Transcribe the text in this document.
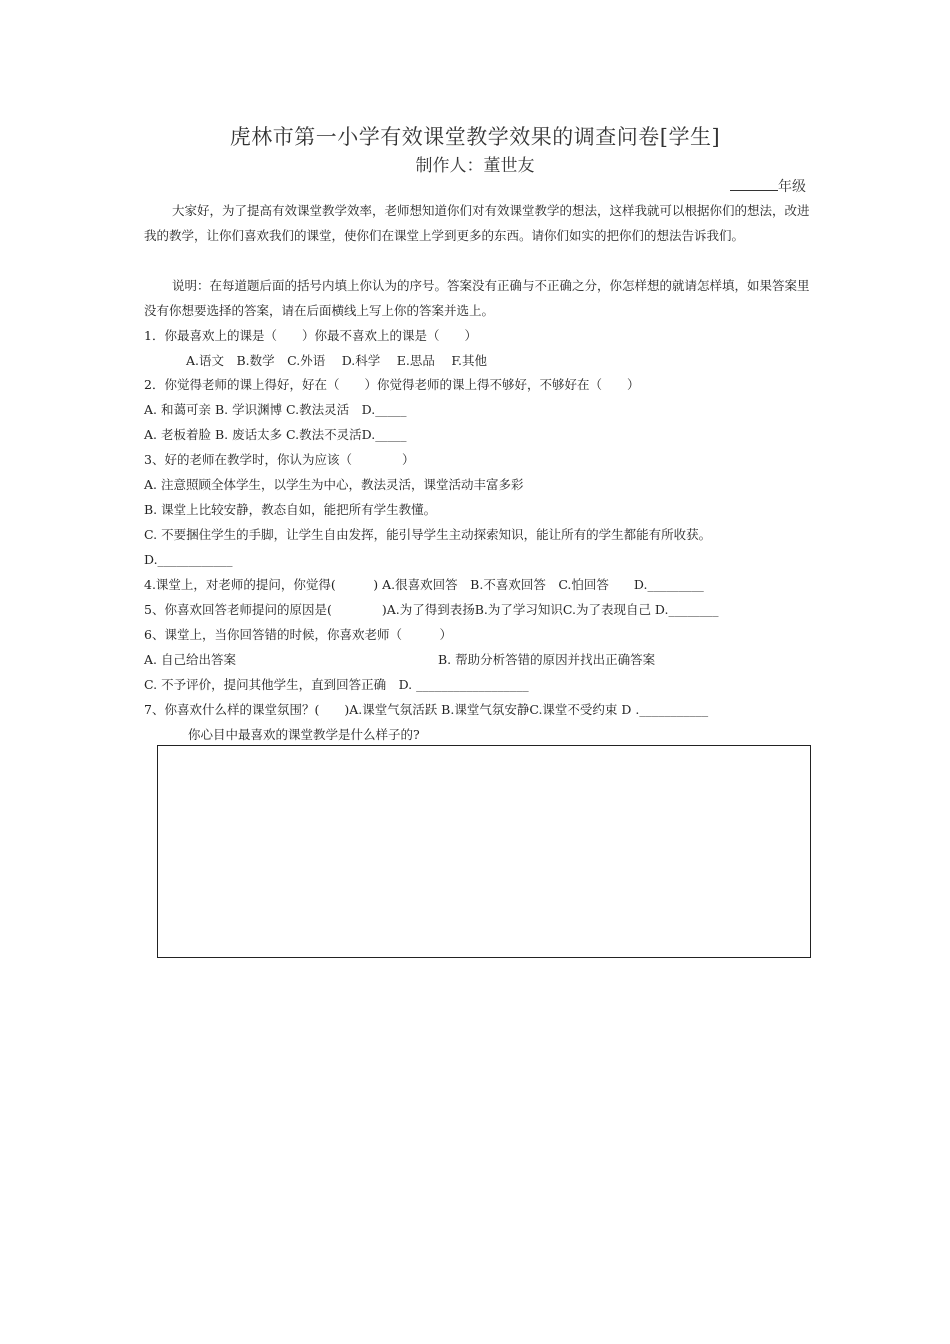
虎林市第一小学有效课堂教学效果的调查问卷[学生]
制作人：董世友
年级
大家好，为了提高有效课堂教学效率，老师想知道你们对有效课堂教学的想法，这样我就可以根据你们的想法，改进我的教学，让你们喜欢我们的课堂，使你们在课堂上学到更多的东西。请你们如实的把你们的想法告诉我们。
说明：在每道题后面的括号内填上你认为的序号。答案没有正确与不正确之分，你怎样想的就请怎样填，如果答案里没有你想要选择的答案，请在后面横线上写上你的答案并选上。
1．你最喜欢上的课是（　　）你最不喜欢上的课是（　　）
A.语文　B.数学　C.外语　 D.科学　 E.思品　 F.其他
2．你觉得老师的课上得好，好在（　　）你觉得老师的课上得不够好，不够好在（　　）
A. 和蔼可亲 B. 学识渊博 C.教法灵活　D._____
A. 老板着脸 B. 废话太多 C.教法不灵活D._____
3、好的老师在教学时，你认为应该（　　　　）
A. 注意照顾全体学生，以学生为中心，教法灵活，课堂活动丰富多彩
B. 课堂上比较安静，教态自如，能把所有学生教懂。
C. 不要捆住学生的手脚，让学生自由发挥，能引导学生主动探索知识，能让所有的学生都能有所收获。
D.____________
4.课堂上，对老师的提问，你觉得(　　　) A.很喜欢回答　B.不喜欢回答　C.怕回答　　D._________
5、你喜欢回答老师提问的原因是(　　　　)A.为了得到表扬B.为了学习知识C.为了表现自己 D.________
6、课堂上，当你回答错的时候，你喜欢老师（　　　）
A. 自己给出答案	B. 帮助分析答错的原因并找出正确答案
C. 不予评价，提问其他学生，直到回答正确　D. __________________
7、你喜欢什么样的课堂氛围？(　　)A.课堂气氛活跃 B.课堂气氛安静C.课堂不受约束 D .___________
你心目中最喜欢的课堂教学是什么样子的?
